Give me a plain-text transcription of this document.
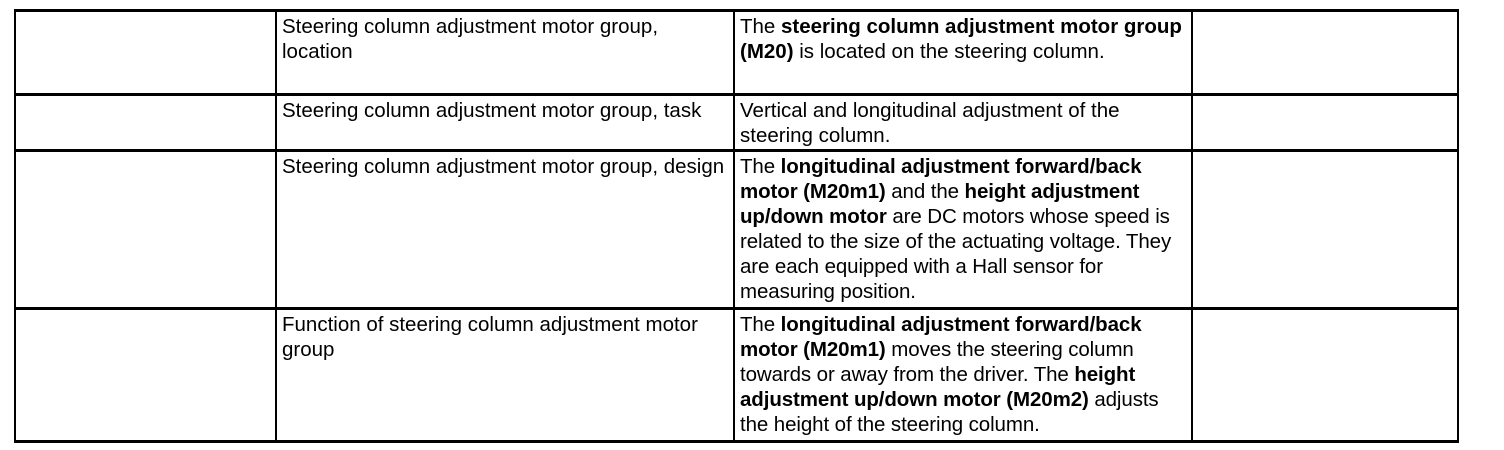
	Steering column adjustment motor group, location	The steering column adjustment motor group (M20) is located on the steering column.	
	Steering column adjustment motor group, task	Vertical and longitudinal adjustment of the steering column.	
	Steering column adjustment motor group, design	The longitudinal adjustment forward/back motor (M20m1) and the height adjustment up/down motor are DC motors whose speed is related to the size of the actuating voltage. They are each equipped with a Hall sensor for measuring position.	
	Function of steering column adjustment motor group	The longitudinal adjustment forward/back motor (M20m1) moves the steering column towards or away from the driver. The height adjustment up/down motor (M20m2) adjusts the height of the steering column.	
